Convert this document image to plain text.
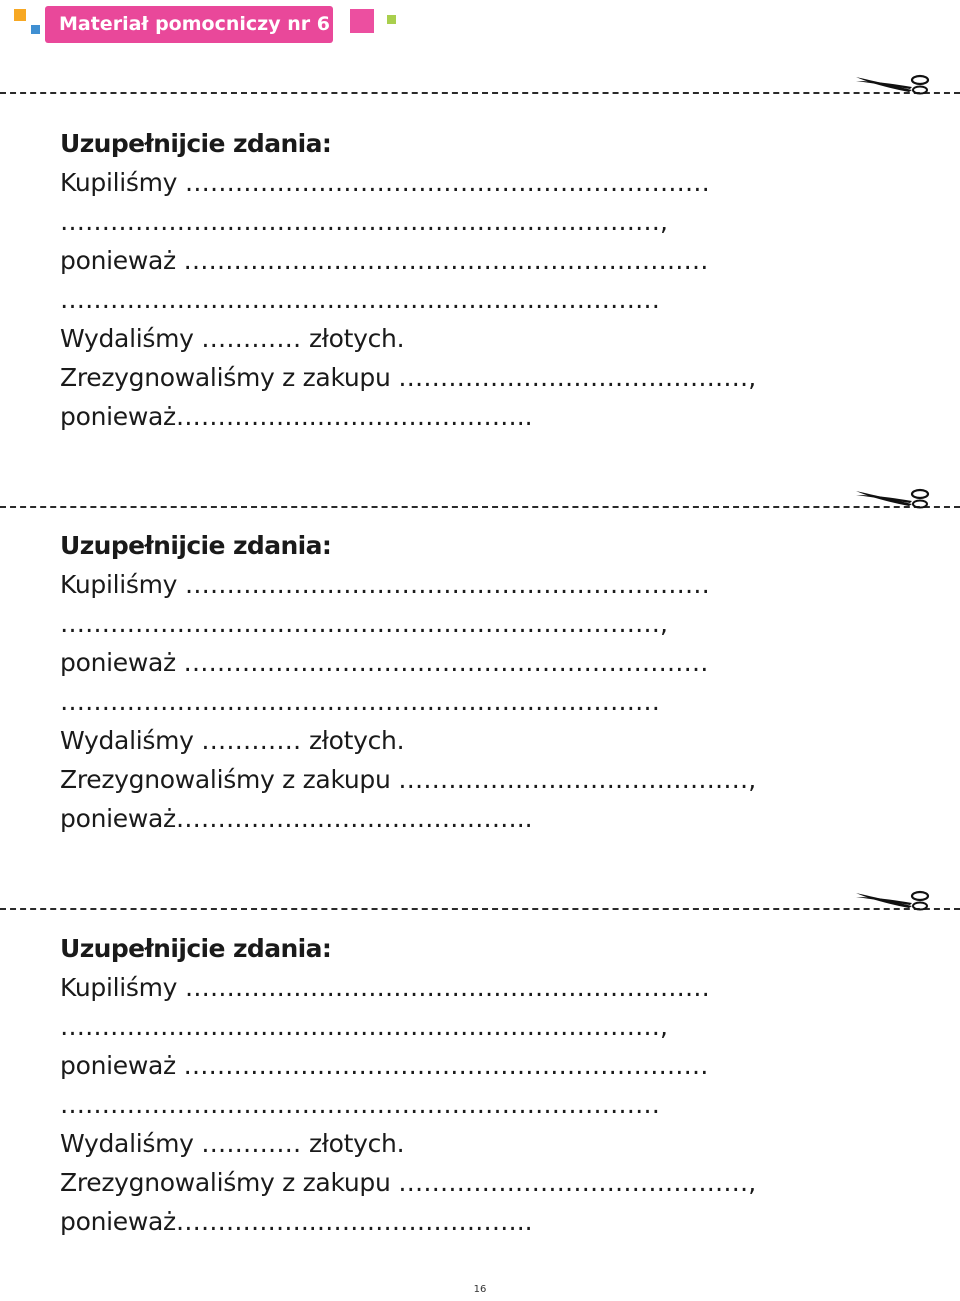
Materiał pomocniczy nr 6
Uzupełnijcie zdania:
Kupiliśmy ………………………………………………………
………………………………………………………………,
ponieważ ………………………………………………………
………………………………………………………………
Wydaliśmy ………… złotych.
Zrezygnowaliśmy z zakupu ……………………………………,
ponieważ……………..……………………..
Uzupełnijcie zdania:
Kupiliśmy ………………………………………………………
………………………………………………………………,
ponieważ ………………………………………………………
………………………………………………………………
Wydaliśmy ………… złotych.
Zrezygnowaliśmy z zakupu ……………………………………,
ponieważ……………..……………………..
Uzupełnijcie zdania:
Kupiliśmy ………………………………………………………
………………………………………………………………,
ponieważ ………………………………………………………
………………………………………………………………
Wydaliśmy ………… złotych.
Zrezygnowaliśmy z zakupu ……………………………………,
ponieważ……………..……………………..
16
